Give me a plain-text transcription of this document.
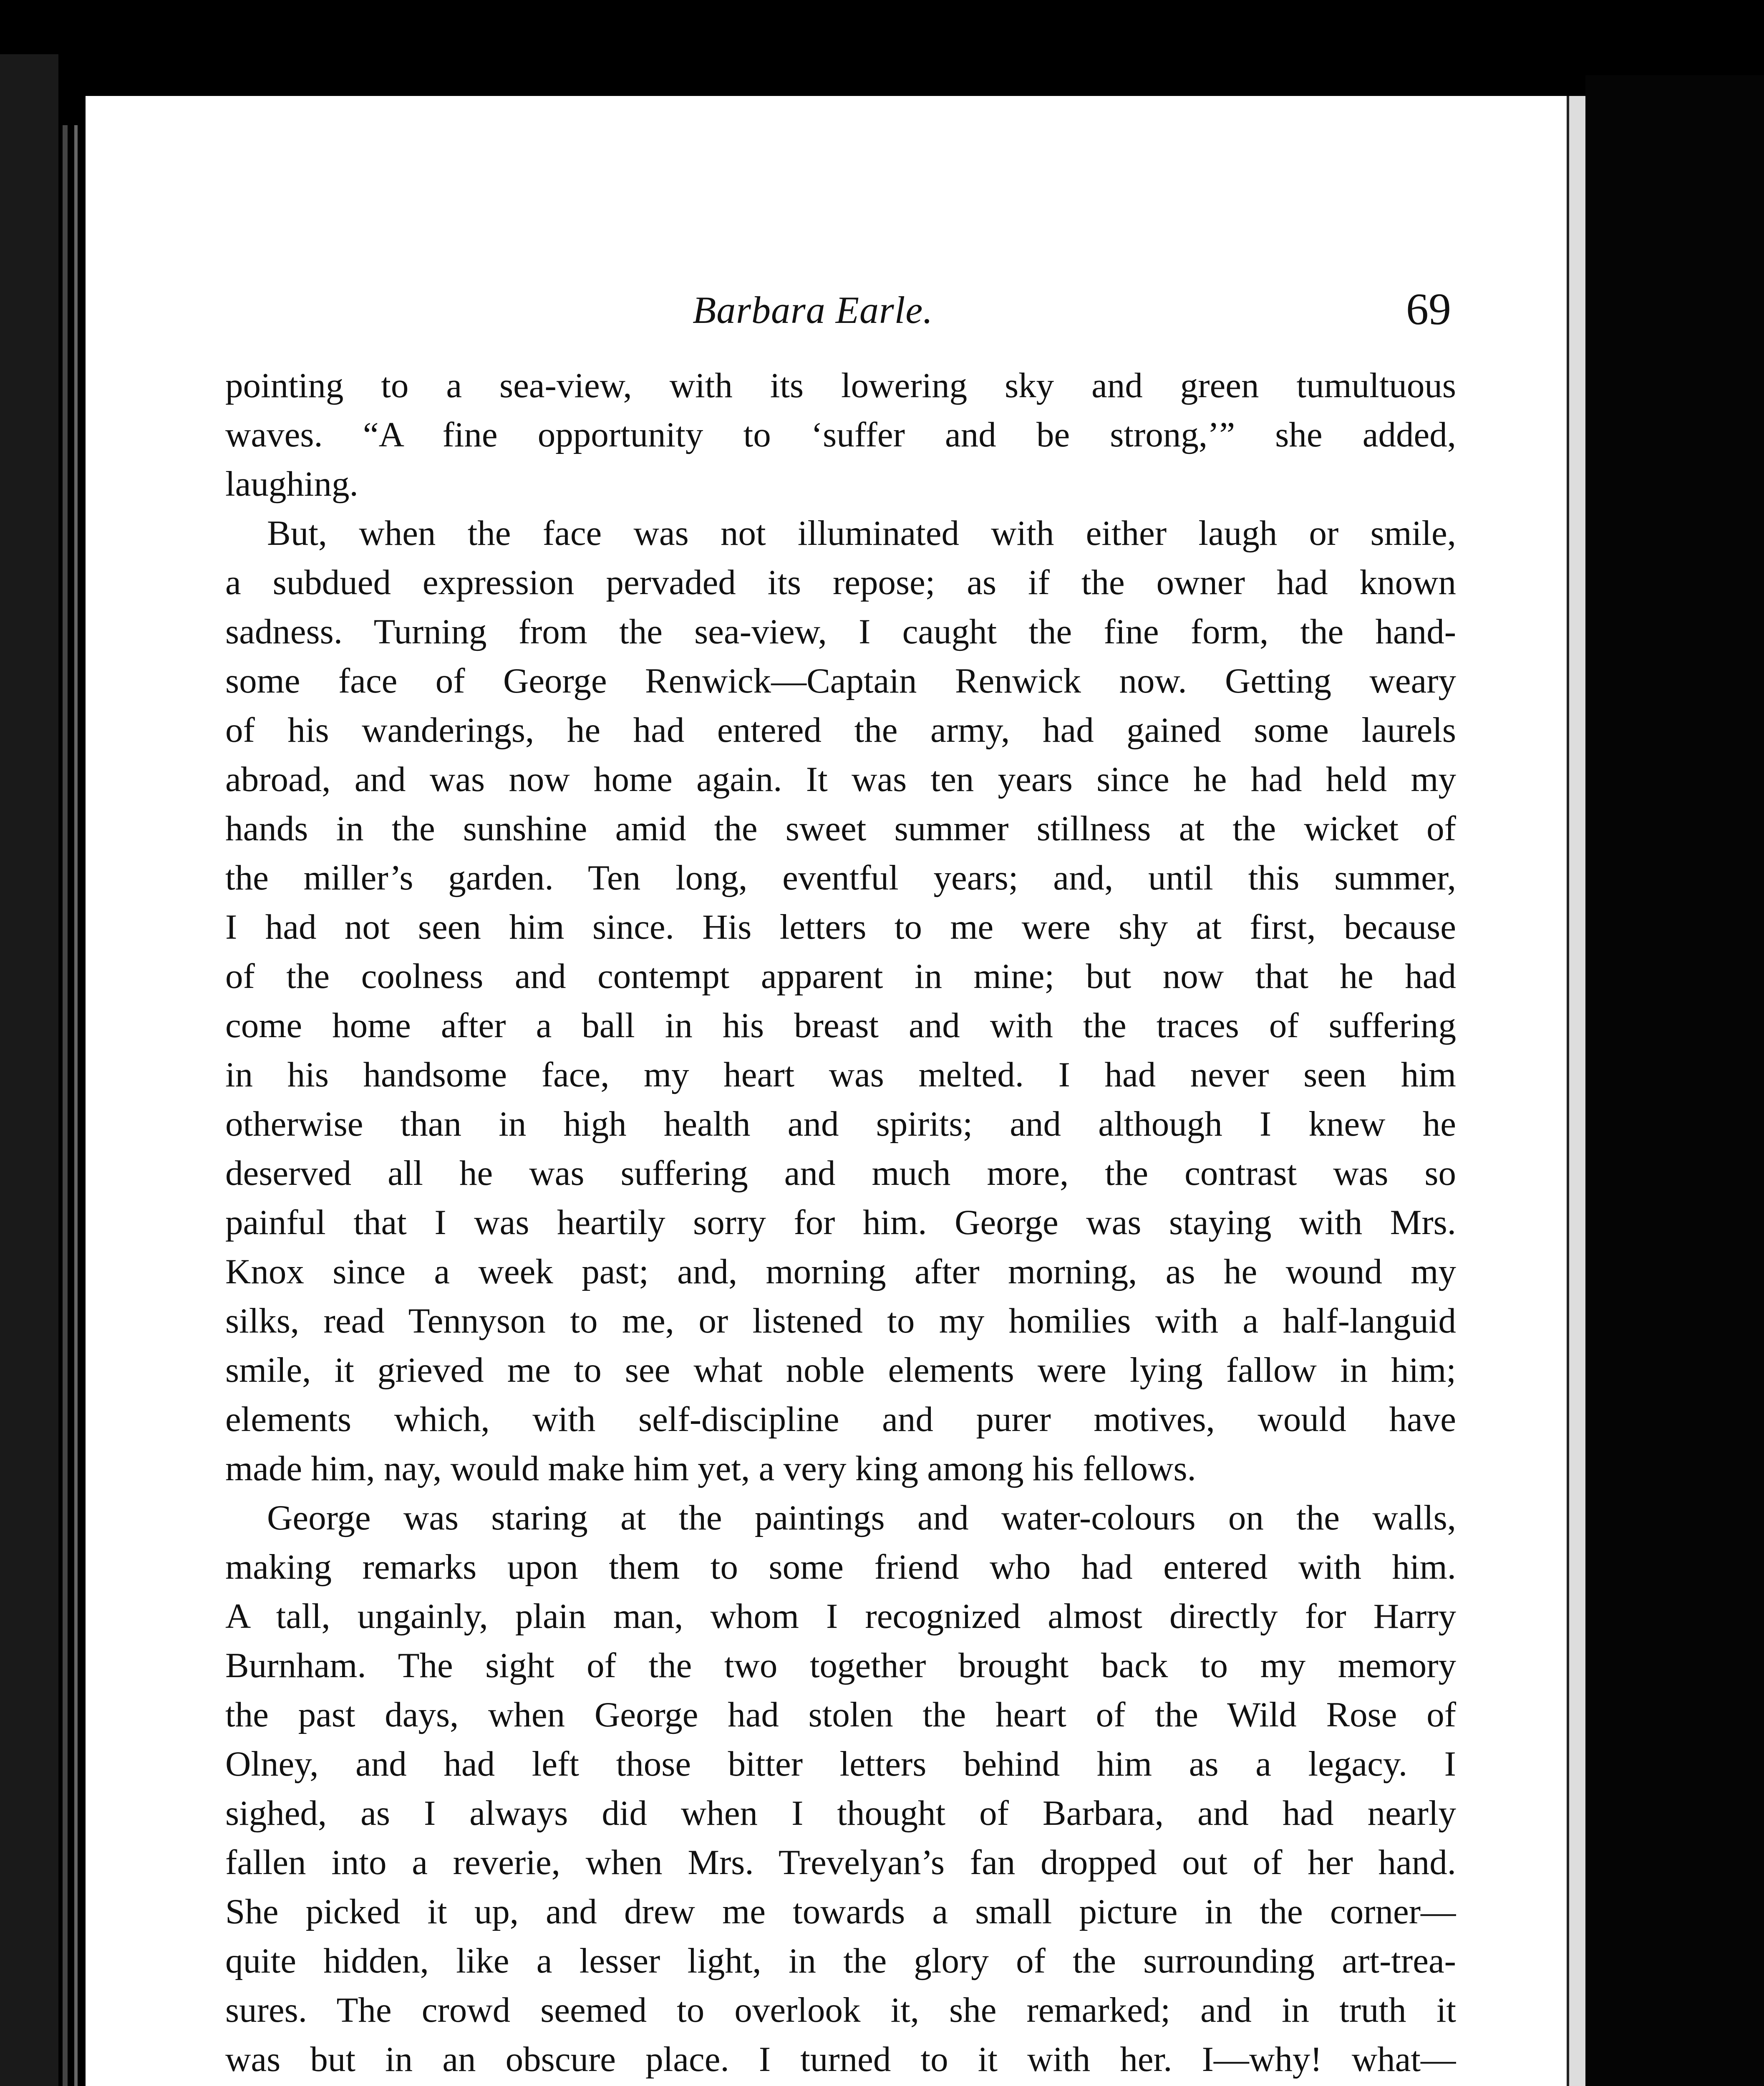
Barbara Earle.	69
pointing to a sea-view, with its lowering sky and green tumultuous
waves. “A fine opportunity to ‘suffer and be strong,’” she added,
laughing.
But, when the face was not illuminated with either laugh or smile,
a subdued expression pervaded its repose; as if the owner had known
sadness. Turning from the sea-view, I caught the fine form, the hand-
some face of George Renwick—Captain Renwick now. Getting weary
of his wanderings, he had entered the army, had gained some laurels
abroad, and was now home again. It was ten years since he had held my
hands in the sunshine amid the sweet summer stillness at the wicket of
the miller’s garden. Ten long, eventful years; and, until this summer,
I had not seen him since. His letters to me were shy at first, because
of the coolness and contempt apparent in mine; but now that he had
come home after a ball in his breast and with the traces of suffering
in his handsome face, my heart was melted. I had never seen him
otherwise than in high health and spirits; and although I knew he
deserved all he was suffering and much more, the contrast was so
painful that I was heartily sorry for him. George was staying with Mrs.
Knox since a week past; and, morning after morning, as he wound my
silks, read Tennyson to me, or listened to my homilies with a half-languid
smile, it grieved me to see what noble elements were lying fallow in him;
elements which, with self-discipline and purer motives, would have
made him, nay, would make him yet, a very king among his fellows.
George was staring at the paintings and water-colours on the walls,
making remarks upon them to some friend who had entered with him.
A tall, ungainly, plain man, whom I recognized almost directly for Harry
Burnham. The sight of the two together brought back to my memory
the past days, when George had stolen the heart of the Wild Rose of
Olney, and had left those bitter letters behind him as a legacy. I
sighed, as I always did when I thought of Barbara, and had nearly
fallen into a reverie, when Mrs. Trevelyan’s fan dropped out of her hand.
She picked it up, and drew me towards a small picture in the corner—
quite hidden, like a lesser light, in the glory of the surrounding art-trea-
sures. The crowd seemed to overlook it, she remarked; and in truth it
was but in an obscure place. I turned to it with her. I—why! what—
